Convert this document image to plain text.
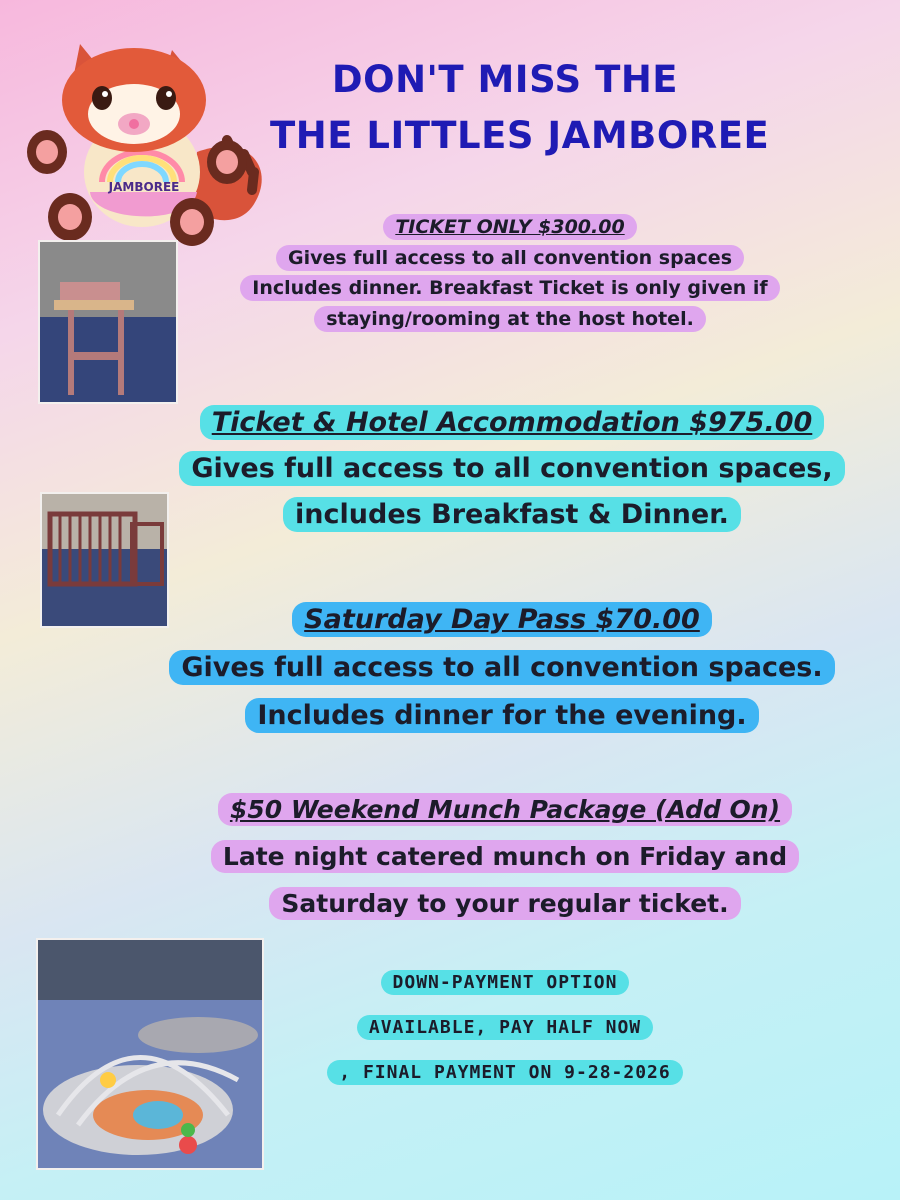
JAMBOREE
DON'T MISS THE
THE LITTLES JAMBOREE
TICKET ONLY $300.00
Gives full access to all convention spaces
Includes dinner. Breakfast Ticket is only given if
staying/rooming at the host hotel.
Ticket & Hotel Accommodation $975.00
Gives full access to all convention spaces,
includes Breakfast & Dinner.
Saturday Day Pass $70.00
Gives full access to all convention spaces.
Includes dinner for the evening.
$50 Weekend Munch Package (Add On)
Late night catered munch on Friday and
Saturday to your regular ticket.
DOWN-PAYMENT OPTION
AVAILABLE, PAY HALF NOW
, FINAL PAYMENT ON 9-28-2026
